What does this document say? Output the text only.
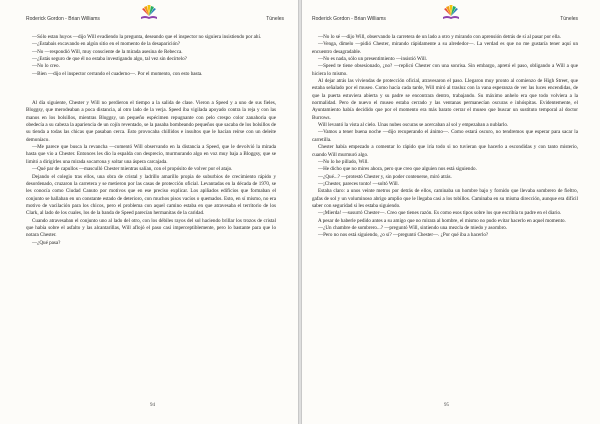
Roderick Gordon - Brian Williams	Túneles

—Sólo estan huyos —dijo Will evadiendo la pregunta, deseando que el inspector no siguiera insistiendo por ahí.

—¿Estabais excavando en algún sitio en el momento de la desaparición?

—No —respondió Will, muy consciente de la mirada asesina de Rebecca.

—¿Estás seguro de que él no estaba investigando algo, tal vez sin decírtelo?

—No lo creo.

—Bien —dijo el inspector cerrando el cuaderno—. Por el momento, con esto basta.

Al día siguiente, Chester y Will no perdieron el tiempo a la salida de clase. Vieron a Speed y a uno de sus fieles, Bloggsy, que merodeaban a poca distancia, al otro lado de la verja. Speed iba vigilada apoyado contra la reja y con las manos en los bolsillos, mientras Bloggsy, un pequeño espécimen repugnante con pelo crespo color zanahoria que obedecía a su cabeza la apariencia de un cojín reventado, se la pasaba bombeando pequeños que sacaba de los bolsillos de su tienda a todas las chicas que pasaban cerca. Esto provocaba chillidos e insultos que le hacían reírse con un deleite demoníaco.

—Me parece que busca la revancha —comentó Will observando en la distancia a Speed, que le devolvió la mirada hasta que vio a Chester. Entonces les dio la espalda con desprecio, murmurando algo en voz muy baja a Bloggsy, que se limitó a dirigirles una mirada socarrona y soltar una áspera carcajada.

—Qué par de capullos —masculló Chester mientras salían, con el propósito de volver por el atajo.

Dejando el colegio tras ellos, una obra de cristal y ladrillo amarillo propia de suburbios de crecimiento rápido y desordenado, cruzaron la carretera y se metieron por las casas de protección oficial. Levantadas en la década de 1970, se les conocía como Ciudad Canuto por motivos que en ese preciso explicar. Los apiñados edificios que formaban el conjunto se hallaban en un constante estado de deterioro, con muchos pisos vacíos o quemados. Esto, en sí mismo, no era motivo de vacilación para los chicos, pero el problema con aquel camino estaba en que atravesaba el territorio de los Clark, al lado de los cuales, los de la banda de Speed parecían hermanitas de la caridad.

Cuando atravesaban el conjunto uno al lado del otro, con los débiles rayos del sol haciendo brillar los trozos de cristal que había sobre el asfalto y las alcantarillas, Will aflojó el paso casi imperceptiblemente, pero lo bastante para que lo notara Chester.

—¿Qué pasa?

94
Roderick Gordon - Brian Williams	Túneles

—No lo sé —dijo Will, observando la carretera de un lado a otro y mirando con aprensión detrás de sí al pasar por ella.

—Venga, dímelo —pidió Chester, mirando rápidamente a su alrededor—. La verdad es que no me gustaría tener aquí un encuentro desagradable.

—No es nada, sólo un presentimiento —insistió Will.

—Speed te tiene obsesionado, ¿no? —replicó Chester con una sonrisa. Sin embargo, apretó el paso, obligando a Will a que hiciera lo mismo.

Al dejar atrás las viviendas de protección oficial, atravesaron el paso. Llegaron muy pronto al comienzo de High Street, que estaba señalado por el museo. Como hacía cada tarde, Will miró al trasluz con la vana esperanza de ver las luces encendidas, de que la puerta estuviera abierta y su padre se encontrara dentro, trabajando. Su máximo anhelo era que todo volviera a la normalidad. Pero de nuevo el museo estaba cerrado y las ventanas permanecían oscuras e inhóspitas. Evidentemente, el Ayuntamiento había decidido que por el momento era más barato cerrar el museo que buscar un sustituto temporal al doctor Burrows.

Will levantó la vista al cielo. Unas nubes oscuras se acercaban al sol y empezaban a nublarlo.

—Vamos a tener buena noche —dijo recuperando el ánimo—. Como estará oscuro, no tendremos que esperar para sacar la carretilla.

Chester había empezado a comentar lo rápido que iría todo si no tuvieran que hacerlo a escondidas y con tanto misterio, cuando Will murmuró algo.

—No lo he pillado, Will.

—He dicho que no mires ahora, pero que creo que alguien nos está siguiendo.

—¿Qué...? —protestó Chester y, sin poder contenerse, miró atrás.

—¡Chester, pareces tonto! —soltó Will.

Estaba claro: a unos veinte metros por detrás de ellos, caminaba un hombre bajo y fornido que llevaba sombrero de fieltro, gafas de sol y un voluminoso abrigo amplio que le llegaba casi a los tobillos. Caminaba en su misma dirección, aunque era difícil saber con seguridad si les estaba siguiendo.

—¡Mierda! —susurró Chester—. Creo que tienes razón. Es como esos tipos sobre los que escribía tu padre en el diario.

A pesar de haberle pedido antes a su amigo que no mirara al hombre, el mismo no pudo evitar hacerlo en aquel momento.

—¿Un chambre de sombrero...? —preguntó Will, sintiendo una mezcla de miedo y asombro.

—Pero no nos está siguiendo, ¿o sí? —preguntó Chester—. ¿Por qué iba a hacerlo?

95
